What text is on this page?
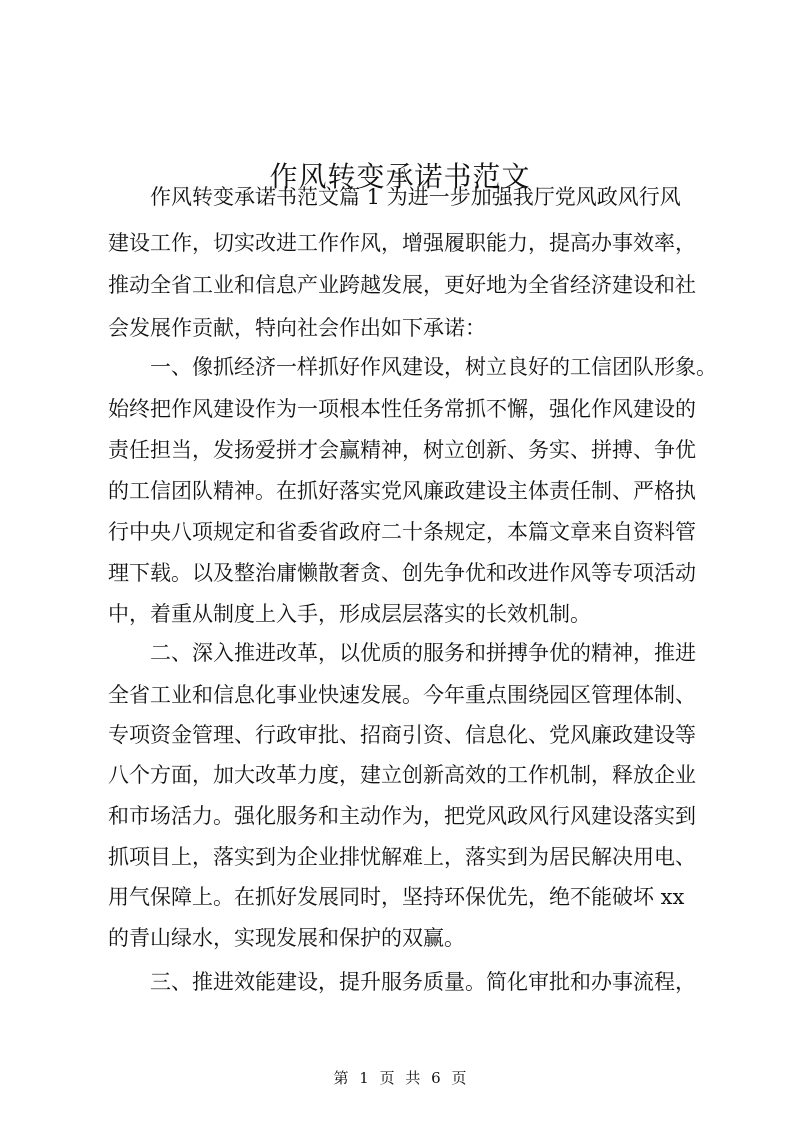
作风转变承诺书范文
　　作风转变承诺书范文篇 1 为进一步加强我厅党风政风行风
建设工作，切实改进工作作风，增强履职能力，提高办事效率，
推动全省工业和信息产业跨越发展，更好地为全省经济建设和社
会发展作贡献，特向社会作出如下承诺：
　　一、像抓经济一样抓好作风建设，树立良好的工信团队形象。
始终把作风建设作为一项根本性任务常抓不懈，强化作风建设的
责任担当，发扬爱拼才会赢精神，树立创新、务实、拼搏、争优
的工信团队精神。在抓好落实党风廉政建设主体责任制、严格执
行中央八项规定和省委省政府二十条规定，本篇文章来自资料管
理下载。以及整治庸懒散奢贪、创先争优和改进作风等专项活动
中，着重从制度上入手，形成层层落实的长效机制。
　　二、深入推进改革，以优质的服务和拼搏争优的精神，推进
全省工业和信息化事业快速发展。今年重点围绕园区管理体制、
专项资金管理、行政审批、招商引资、信息化、党风廉政建设等
八个方面，加大改革力度，建立创新高效的工作机制，释放企业
和市场活力。强化服务和主动作为，把党风政风行风建设落实到
抓项目上，落实到为企业排忧解难上，落实到为居民解决用电、
用气保障上。在抓好发展同时，坚持环保优先，绝不能破坏 xx
的青山绿水，实现发展和保护的双赢。
　　三、推进效能建设，提升服务质量。简化审批和办事流程，
第 1 页 共 6 页
